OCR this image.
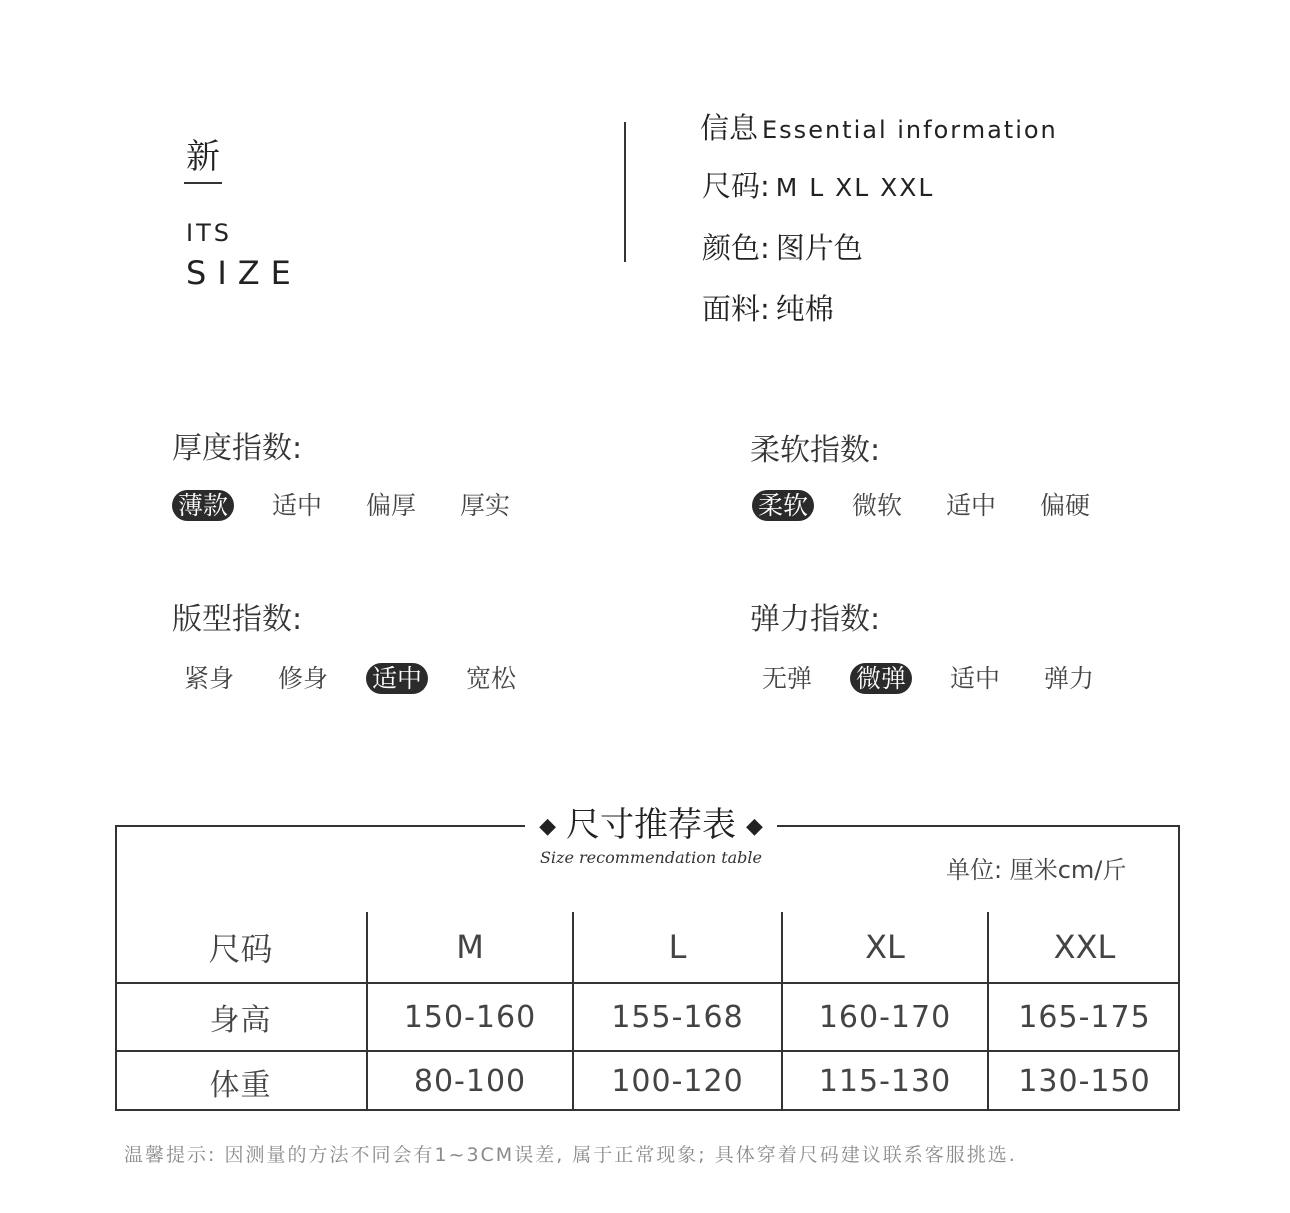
新
ITS
SIZE
信息 Essential information
尺码: M L XL XXL
颜色: 图片色
面料: 纯棉
厚度指数:
薄款 适中 偏厚 厚实
柔软指数:
柔软 微软 适中 偏硬
版型指数:
紧身 修身 适中 宽松
弹力指数:
无弹 微弹 适中 弹力
◆ 尺寸推荐表 ◆
Size recommendation table	单位: 厘米cm/斤
尺码	M	L	XL	XXL
身高	150-160	155-168	160-170	165-175
体重	80-100	100-120	115-130	130-150
温馨提示: 因测量的方法不同会有1~3CM误差, 属于正常现象; 具体穿着尺码建议联系客服挑选.
